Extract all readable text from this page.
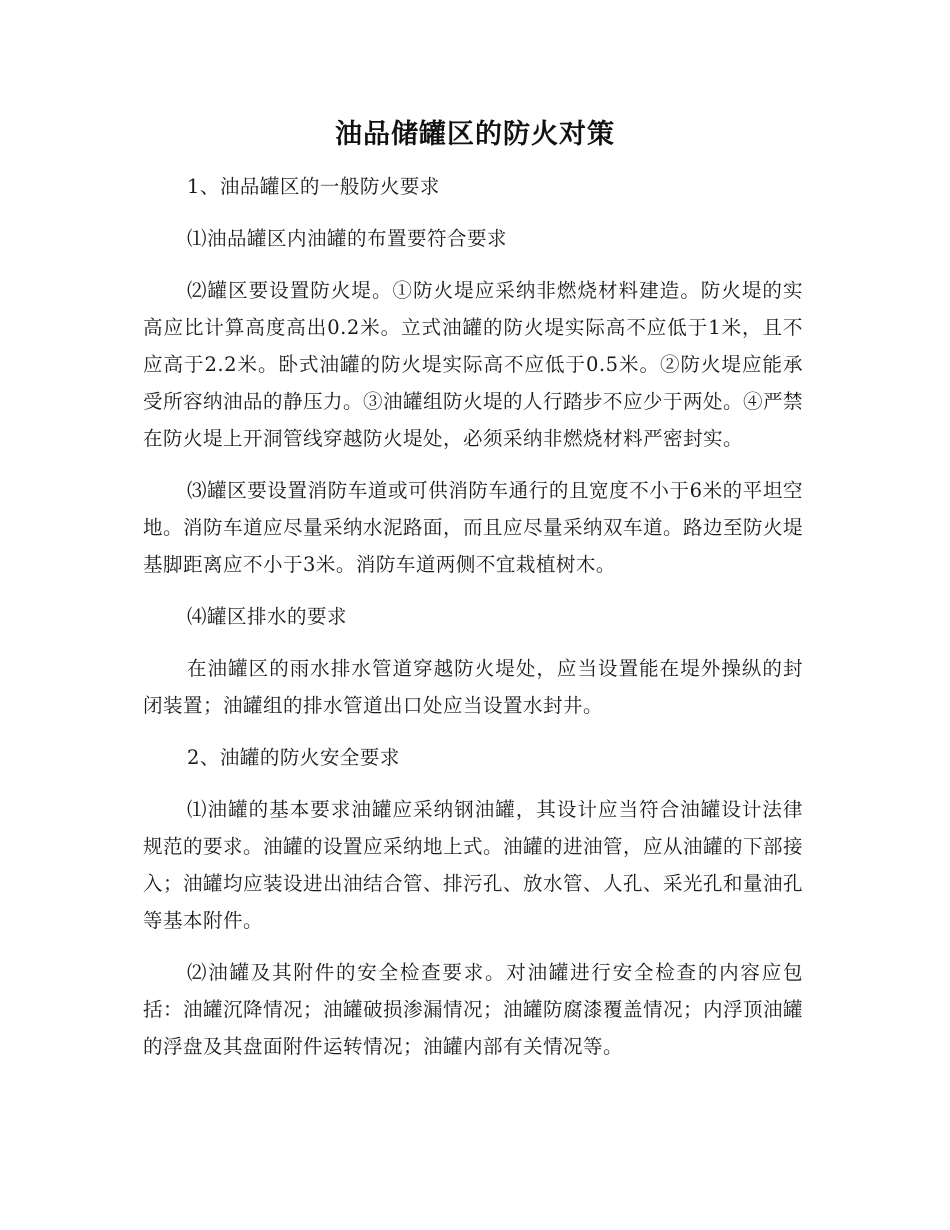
油品储罐区的防火对策

1、油品罐区的一般防火要求

⑴油品罐区内油罐的布置要符合要求

⑵罐区要设置防火堤。①防火堤应采纳非燃烧材料建造。防火堤的实高应比计算高度高出0.2米。立式油罐的防火堤实际高不应低于1米，且不应高于2.2米。卧式油罐的防火堤实际高不应低于0.5米。②防火堤应能承受所容纳油品的静压力。③油罐组防火堤的人行踏步不应少于两处。④严禁在防火堤上开洞管线穿越防火堤处，必须采纳非燃烧材料严密封实。

⑶罐区要设置消防车道或可供消防车通行的且宽度不小于6米的平坦空地。消防车道应尽量采纳水泥路面，而且应尽量采纳双车道。路边至防火堤基脚距离应不小于3米。消防车道两侧不宜栽植树木。

⑷罐区排水的要求

在油罐区的雨水排水管道穿越防火堤处，应当设置能在堤外操纵的封闭装置；油罐组的排水管道出口处应当设置水封井。

2、油罐的防火安全要求

⑴油罐的基本要求油罐应采纳钢油罐，其设计应当符合油罐设计法律规范的要求。油罐的设置应采纳地上式。油罐的进油管，应从油罐的下部接入；油罐均应装设进出油结合管、排污孔、放水管、人孔、采光孔和量油孔等基本附件。

⑵油罐及其附件的安全检查要求。对油罐进行安全检查的内容应包括：油罐沉降情况；油罐破损渗漏情况；油罐防腐漆覆盖情况；内浮顶油罐的浮盘及其盘面附件运转情况；油罐内部有关情况等。
